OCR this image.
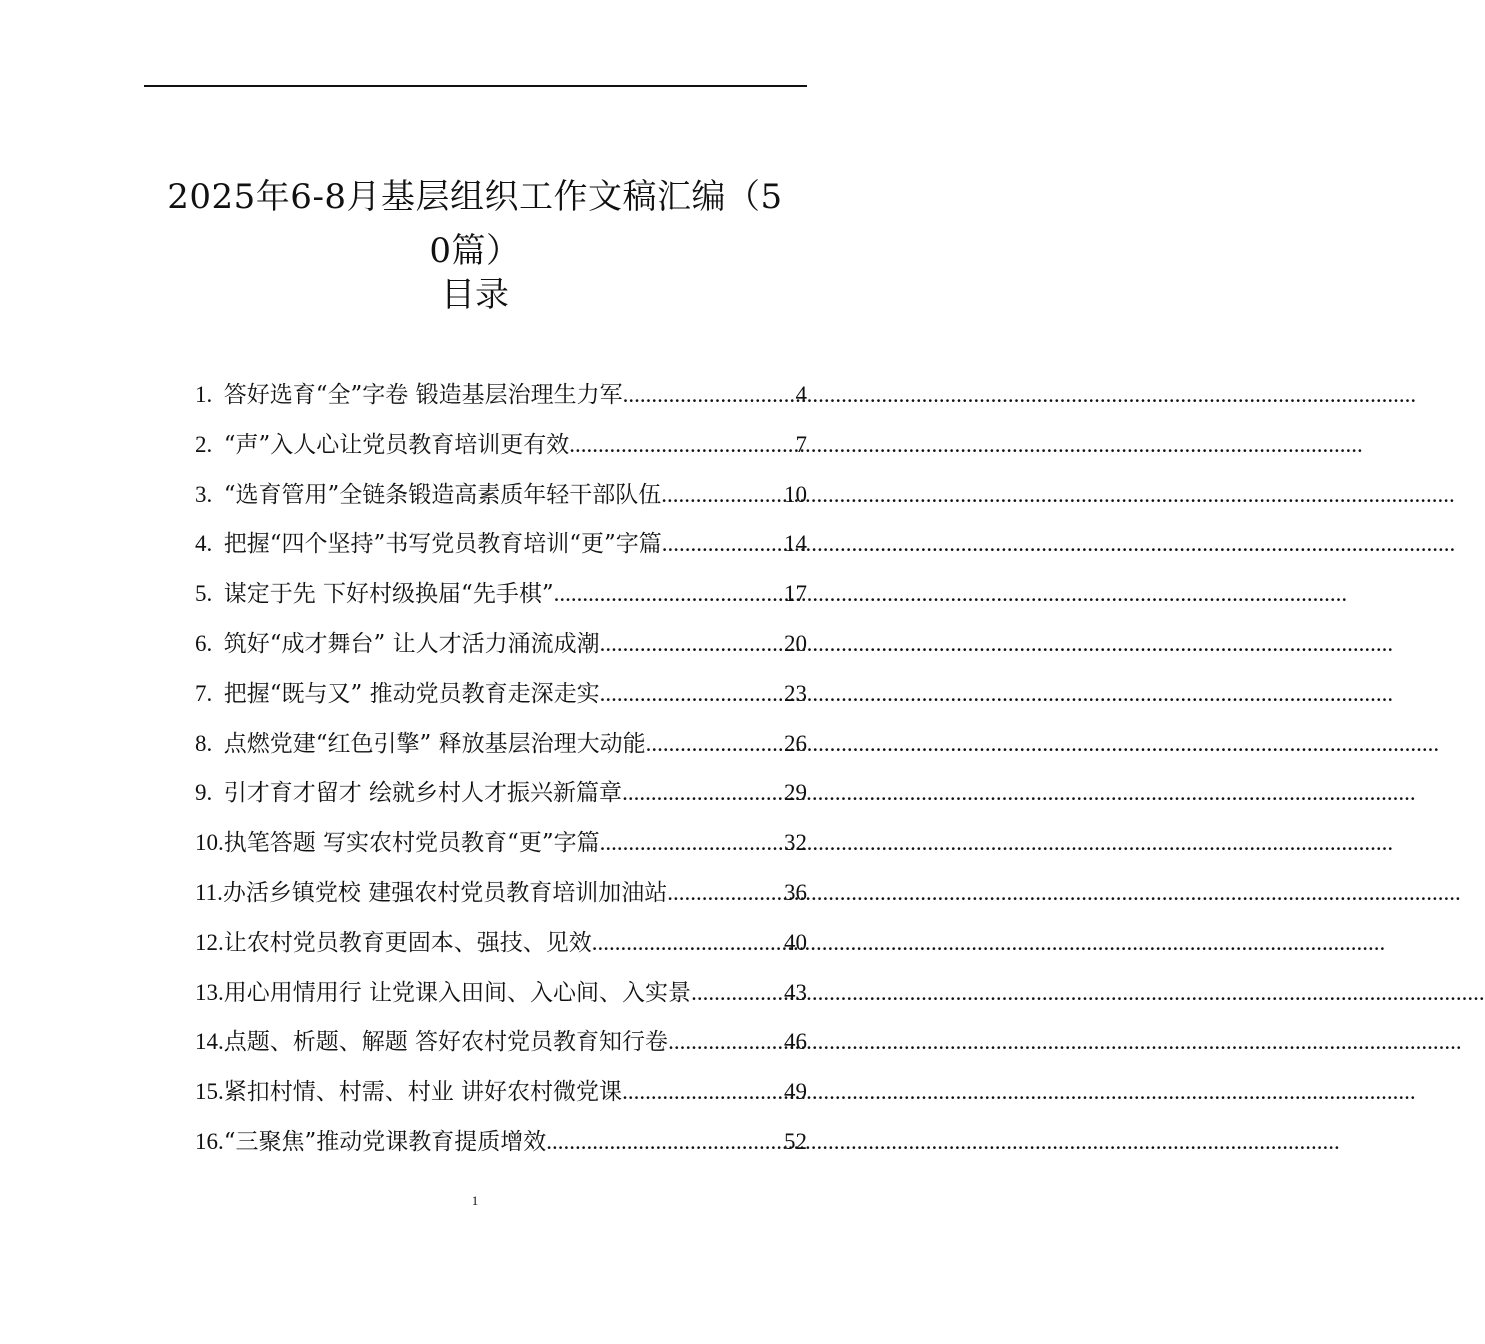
2025年6-8月基层组织工作文稿汇编（5
0篇）
目录
1. 答好选育“全”字卷 锻造基层治理生力军 .....	4
2. “声”入人心让党员教育培训更有效 .....	7
3. “选育管用”全链条锻造高素质年轻干部队伍 .....	10
4. 把握“四个坚持”书写党员教育培训“更”字篇 .....	14
5. 谋定于先 下好村级换届“先手棋” .....	17
6. 筑好“成才舞台” 让人才活力涌流成潮 .....	20
7. 把握“既与又” 推动党员教育走深走实 .....	23
8. 点燃党建“红色引擎” 释放基层治理大动能 .....	26
9. 引才育才留才 绘就乡村人才振兴新篇章 .....	29
10. 执笔答题 写实农村党员教育“更”字篇 .....	32
11. 办活乡镇党校 建强农村党员教育培训加油站 .....	36
12. 让农村党员教育更固本、强技、见效 .....	40
13. 用心用情用行 让党课入田间、入心间、入实景 .....	43
14. 点题、析题、解题 答好农村党员教育知行卷 .....	46
15. 紧扣村情、村需、村业 讲好农村微党课 .....	49
16. “三聚焦”推动党课教育提质增效 .....	52
1
